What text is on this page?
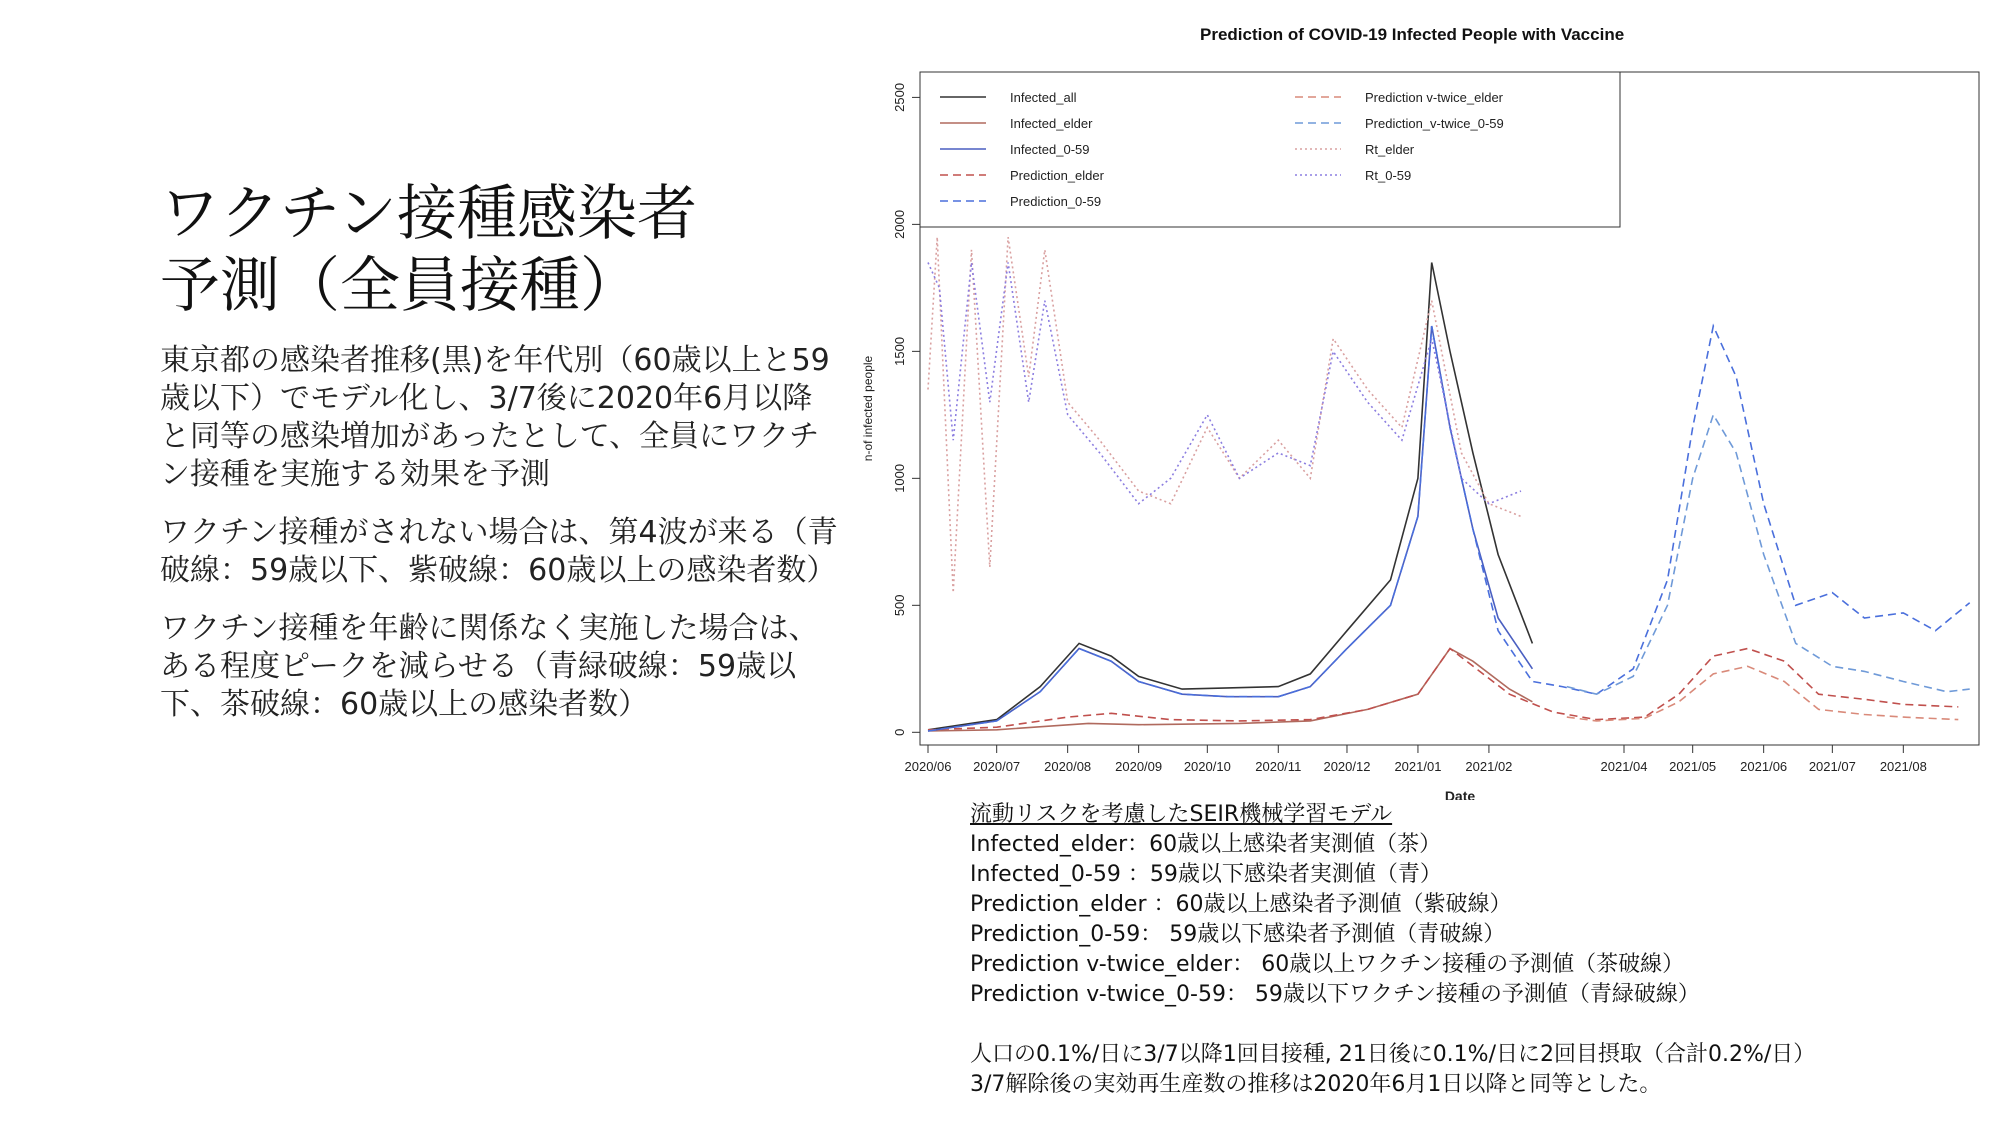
ワクチン接種感染者
予測（全員接種）

東京都の感染者推移(黒)を年代別（60歳以上と59歳以下）でモデル化し、3/7後に2020年6月以降と同等の感染増加があったとして、全員にワクチン接種を実施する効果を予測

ワクチン接種がされない場合は、第4波が来る（青破線：59歳以下、紫破線：60歳以上の感染者数）

ワクチン接種を年齢に関係なく実施した場合は、ある程度ピークを減らせる（青緑破線：59歳以下、茶破線：60歳以上の感染者数）

Prediction of COVID-19 Infected People with Vaccine
0
500
1000
1500
2000
2500
n-of infected people
2020/06 2020/07 2020/08 2020/09 2020/10 2020/11 2020/12 2021/01 2021/02	2021/04 2021/05 2021/06 2021/07 2021/08
Date
Infected_all
Infected_elder
Infected_0-59
Prediction_elder
Prediction_0-59
Prediction v-twice_elder
Prediction_v-twice_0-59
Rt_elder
Rt_0-59
流動リスクを考慮したSEIR機械学習モデル
Infected_elder：60歳以上感染者実測値（茶）
Infected_0-59 ：59歳以下感染者実測値（青）
Prediction_elder ：60歳以上感染者予測値（紫破線）
Prediction_0-59： 59歳以下感染者予測値（青破線）
Prediction v-twice_elder： 60歳以上ワクチン接種の予測値（茶破線）
Prediction v-twice_0-59： 59歳以下ワクチン接種の予測値（青緑破線）
人口の0.1%/日に3/7以降1回目接種, 21日後に0.1%/日に2回目摂取（合計0.2%/日）
3/7解除後の実効再生産数の推移は2020年6月1日以降と同等とした。
